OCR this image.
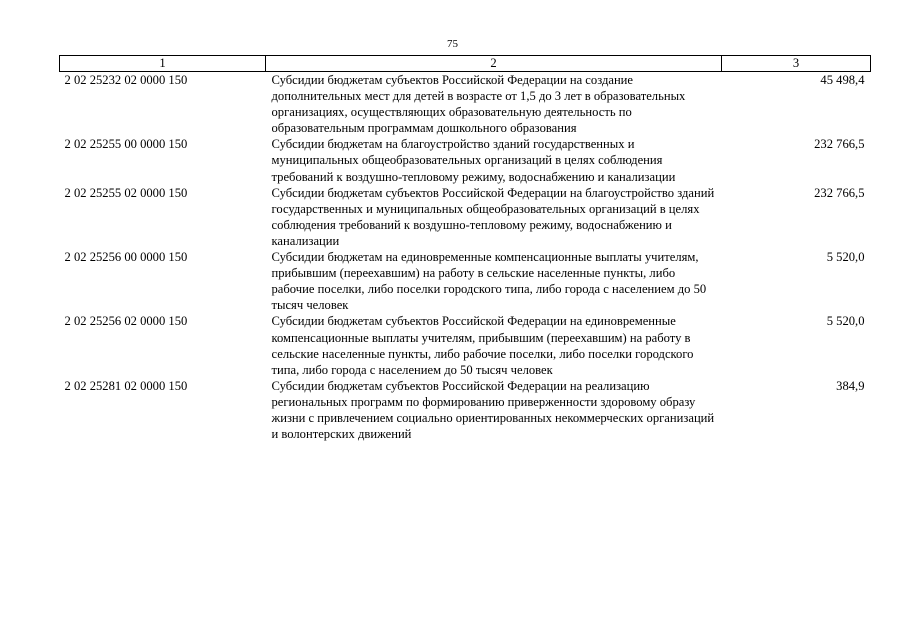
75
1	2	3
2 02 25232 02 0000 150	Субсидии бюджетам субъектов Российской Федерации на создание дополнительных мест для детей в возрасте от 1,5 до 3 лет в образовательных организациях, осуществляющих образовательную деятельность по образовательным программам дошкольного образования	45 498,4
2 02 25255 00 0000 150	Субсидии бюджетам на благоустройство зданий государственных и муниципальных общеобразовательных организаций в целях соблюдения требований к воздушно-тепловому режиму, водоснабжению и канализации	232 766,5
2 02 25255 02 0000 150	Субсидии бюджетам субъектов Российской Федерации на благоустройство зданий государственных и муниципальных общеобразовательных организаций в целях соблюдения требований к воздушно-тепловому режиму, водоснабжению и канализации	232 766,5
2 02 25256 00 0000 150	Субсидии бюджетам на единовременные компенсационные выплаты учителям, прибывшим (переехавшим) на работу в сельские населенные пункты, либо рабочие поселки, либо поселки городского типа, либо города с населением до 50 тысяч человек	5 520,0
2 02 25256 02 0000 150	Субсидии бюджетам субъектов Российской Федерации на единовременные компенсационные выплаты учителям, прибывшим (переехавшим) на работу в сельские населенные пункты, либо рабочие поселки, либо поселки городского типа, либо города с населением до 50 тысяч человек	5 520,0
2 02 25281 02 0000 150	Субсидии бюджетам субъектов Российской Федерации на реализацию региональных программ по формированию приверженности здоровому образу жизни с привлечением социально ориентированных некоммерческих организаций и волонтерских движений	384,9
